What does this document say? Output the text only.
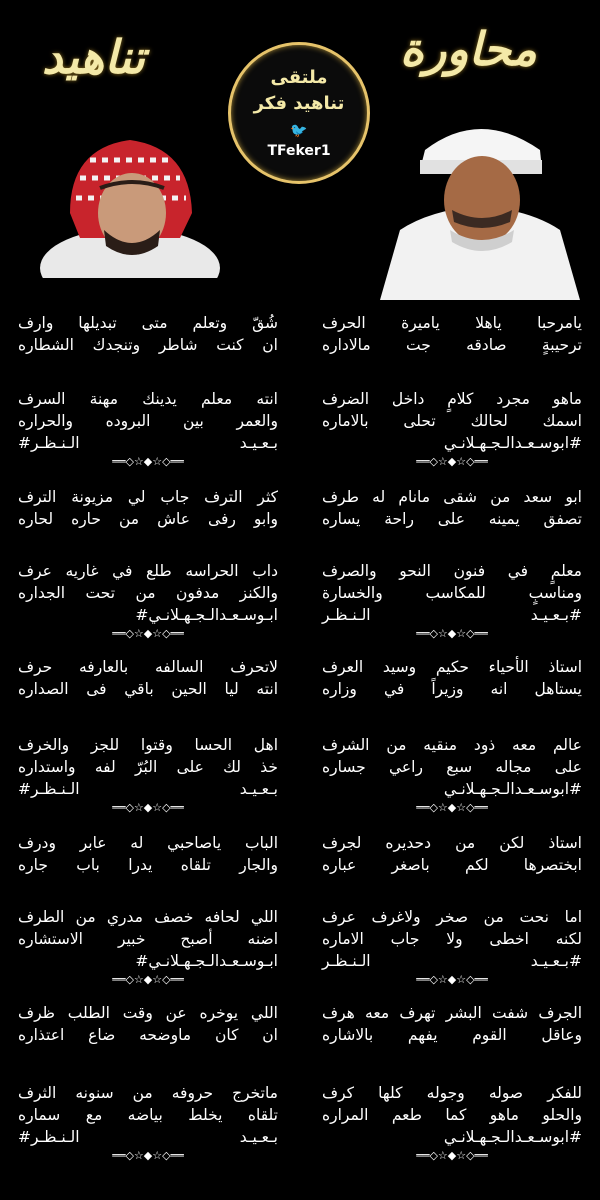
تناهيد	محاورة
ملتقى
تناهيد فكر
🐦
TFeker1
يامرحبا ياهلا ياميرة الحرف
ترحيبةٍ صادقه جت مالاداره
ماهو مجرد كلامٍ داخل الضرف
اسمك لحالك تحلى بالاماره
#ابوسـعـدالـجـهـلانـي
══◇☆◆☆◇══
ابو سعد من شقى مانام له طرف
تصفق يمينه على راحة يساره
معلمٍ في فنون النحو والصرف
ومناسبٍ للمكاسب والخسارة
#بـعـيـد الـنـظـر
══◇☆◆☆◇══
استاذ الأحياء حكيم وسيد العرف
يستاهل انه وزيراً في وزاره
عالم معه ذود منقيه من الشرف
على مجاله سبع راعي جساره
#ابوسـعـدالـجـهـلانـي
══◇☆◆☆◇══
استاذ لكن من دحديره لجرف
ابختصرها لكم باصغر عباره
اما نحت من صخر ولاغرف عرف
لكنه اخطى ولا جاب الاماره
#بـعـيـد الـنـظـر
══◇☆◆☆◇══
الجرف شفت البشر تهرف معه هرف
وعاقل القوم يفهم بالاشاره
للفكر صوله وجوله كلها كرف
والحلو ماهو كما طعم المراره
#ابوسـعـدالـجـهـلانـي
══◇☆◆☆◇══
شُقّ وتعلم متى تبديلها وارف
ان كنت شاطر وتنجدك الشطاره
انته معلم يدينك مهنة السرف
والعمر بين البروده والحراره
بـعـيـد الـنـظـر#
══◇☆◆☆◇══
كثر الترف جاب لي مزيونة الترف
وابو رفى عاش من حاره لحاره
داب الحراسه طلع في غاريه عرف
والكنز مدفون من تحت الجداره
ابـوسـعـدالـجـهـلانـي#
══◇☆◆☆◇══
لاتحرف السالفه بالعارفه حرف
انته ليا الحين باقي فى الصداره
اهل الحسا وقتوا للجز والخرف
خذ لك على البُرّ لفه واستداره
بـعـيـد الـنـظـر#
══◇☆◆☆◇══
الباب ياصاحبي له عابر ودرف
والجار تلقاه يدرا باب جاره
اللي لحافه خصف مدري من الطرف
اضنه أصبح خبير الاستشاره
ابـوسـعـدالـجـهـلانـي#
══◇☆◆☆◇══
اللي يوخره عن وقت الطلب ظرف
ان كان ماوضحه ضاع اعتذاره
ماتخرج حروفه من سنونه الثرف
تلقاه يخلط بياضه مع سماره
بـعـيـد الـنـظـر#
══◇☆◆☆◇══
